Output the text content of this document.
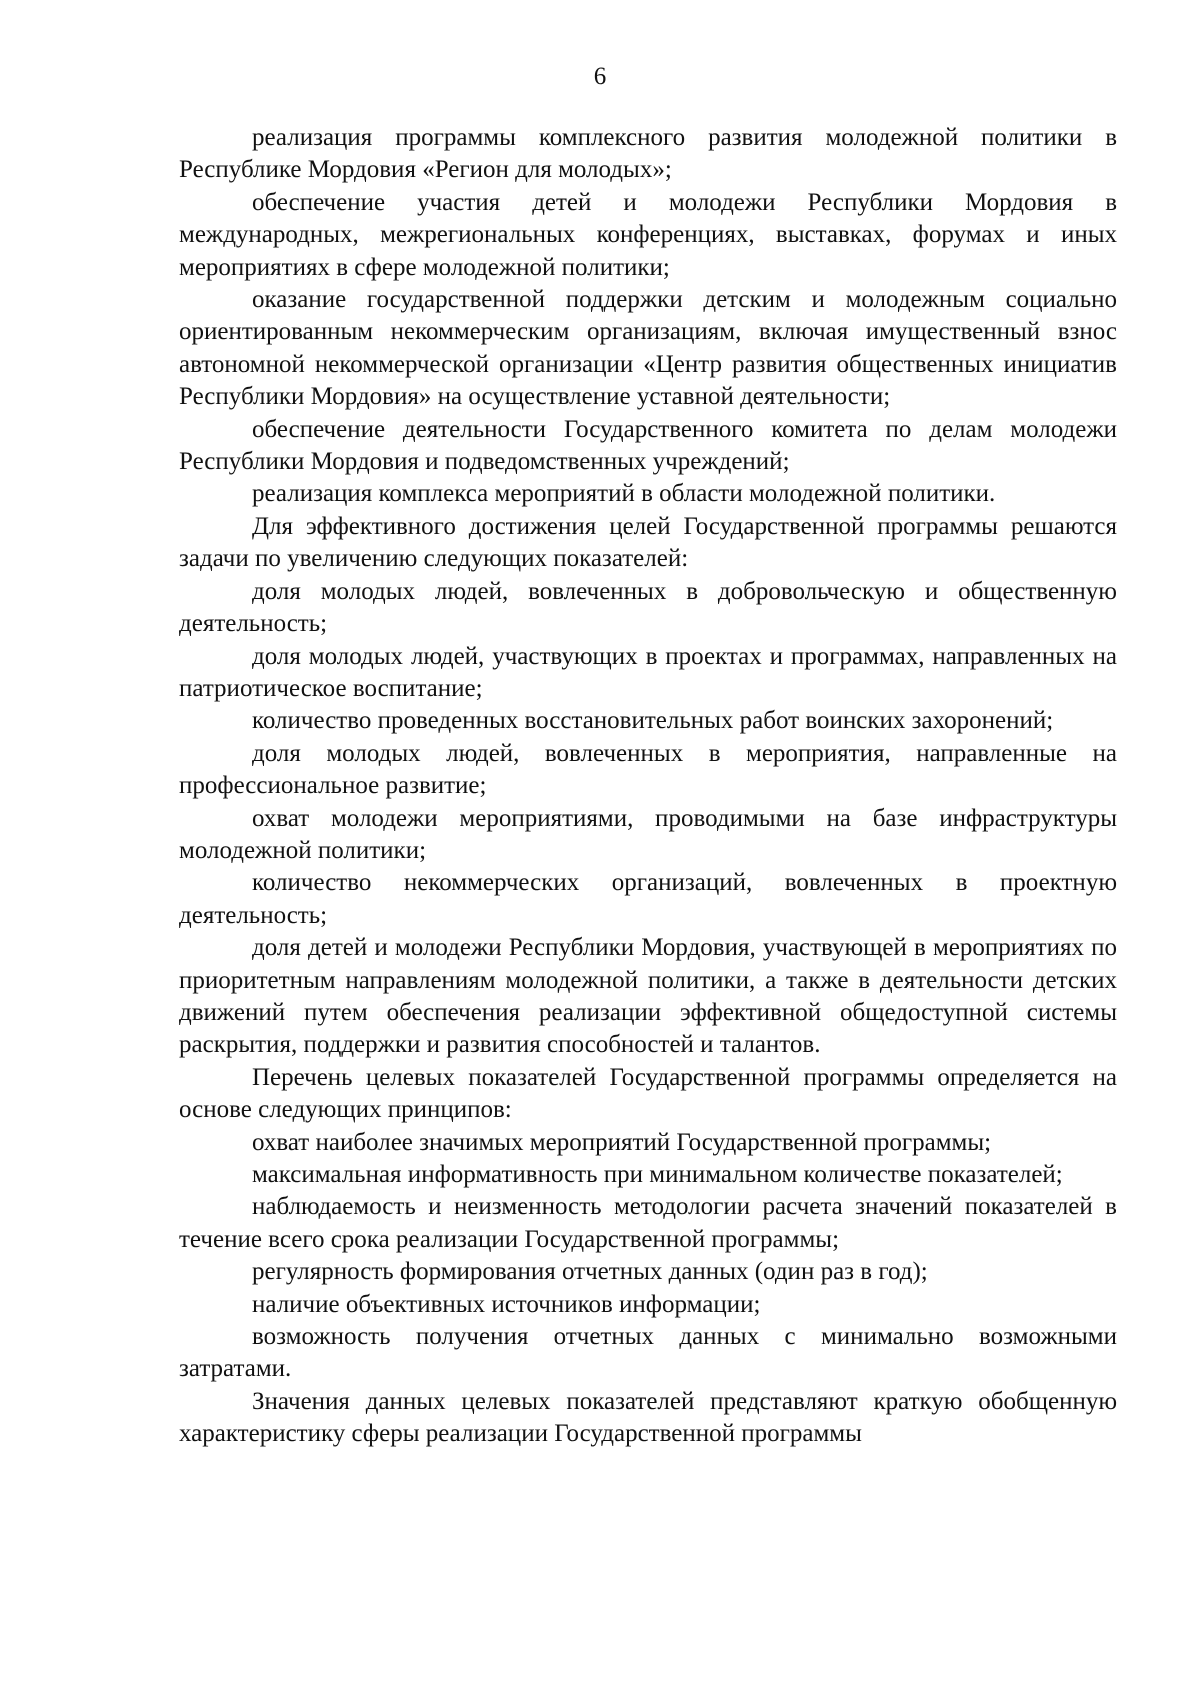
6

реализация программы комплексного развития молодежной политики в Республике Мордовия «Регион для молодых»;

обеспечение участия детей и молодежи Республики Мордовия в международных, межрегиональных конференциях, выставках, форумах и иных мероприятиях в сфере молодежной политики;

оказание государственной поддержки детским и молодежным социально ориентированным некоммерческим организациям, включая имущественный взнос автономной некоммерческой организации «Центр развития общественных инициатив Республики Мордовия» на осуществление уставной деятельности;

обеспечение деятельности Государственного комитета по делам молодежи Республики Мордовия и подведомственных учреждений;

реализация комплекса мероприятий в области молодежной политики.

Для эффективного достижения целей Государственной программы решаются задачи по увеличению следующих показателей:

доля молодых людей, вовлеченных в добровольческую и общественную деятельность;

доля молодых людей, участвующих в проектах и программах, направленных на патриотическое воспитание;

количество проведенных восстановительных работ воинских захоронений;

доля молодых людей, вовлеченных в мероприятия, направленные на профессиональное развитие;

охват молодежи мероприятиями, проводимыми на базе инфраструктуры молодежной политики;

количество некоммерческих организаций, вовлеченных в проектную деятельность;

доля детей и молодежи Республики Мордовия, участвующей в мероприятиях по приоритетным направлениям молодежной политики, а также в деятельности детских движений путем обеспечения реализации эффективной общедоступной системы раскрытия, поддержки и развития способностей и талантов.

Перечень целевых показателей Государственной программы определяется на основе следующих принципов:

охват наиболее значимых мероприятий Государственной программы;

максимальная информативность при минимальном количестве показателей;

наблюдаемость и неизменность методологии расчета значений показателей в течение всего срока реализации Государственной программы;

регулярность формирования отчетных данных (один раз в год);

наличие объективных источников информации;

возможность получения отчетных данных с минимально возможными затратами.

Значения данных целевых показателей представляют краткую обобщенную характеристику сферы реализации Государственной программы
